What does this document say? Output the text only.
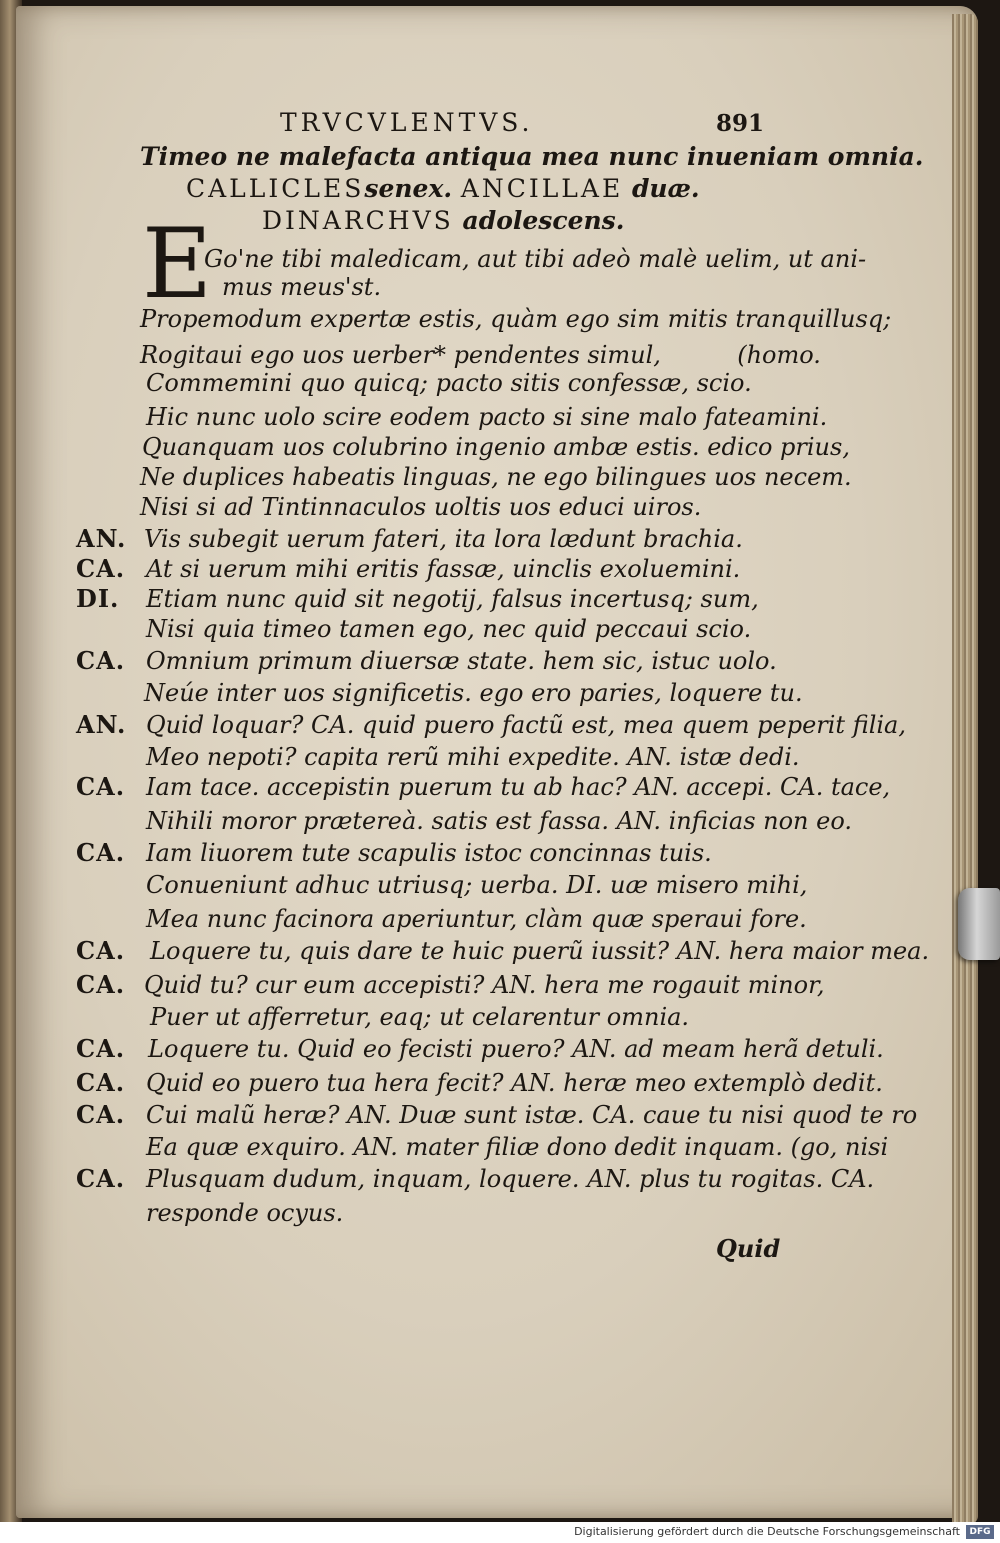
TRVCVLENTVS.	891
Timeo ne malefacta antiqua mea nunc inueniam omnia.
CALLICLESsenex. ANCILLAE duæ.
DINARCHVS adolescens.
E
Go'ne tibi maledicam, aut tibi adeò malè uelim, ut ani-
mus meus'st.
Propemodum expertæ estis, quàm ego sim mitis tranquillusq;
Rogitaui ego uos uerber* pendentes simul,          (homo.
Commemini quo quicq; pacto sitis confessæ, scio.
Hic nunc uolo scire eodem pacto si sine malo fateamini.
Quanquam uos colubrino ingenio ambæ estis. edico prius,
Ne duplices habeatis linguas, ne ego bilingues uos necem.
Nisi si ad Tintinnaculos uoltis uos educi uiros.
AN. Vis subegit uerum fateri, ita lora lædunt brachia.
CA. At si uerum mihi eritis fassæ, uinclis exoluemini.
DI. Etiam nunc quid sit negotij, falsus incertusq; sum,
Nisi quia timeo tamen ego, nec quid peccaui scio.
CA. Omnium primum diuersæ state. hem sic, istuc uolo.
Neúe inter uos significetis. ego ero paries, loquere tu.
AN. Quid loquar? CA. quid puero factũ est, mea quem peperit filia,
Meo nepoti? capita rerũ mihi expedite. AN. istæ dedi.
CA. Iam tace. accepistin puerum tu ab hac? AN. accepi. CA. tace,
Nihili moror prætereà. satis est fassa. AN. inficias non eo.
CA. Iam liuorem tute scapulis istoc concinnas tuis.
Conueniunt adhuc utriusq; uerba. DI. uæ misero mihi,
Mea nunc facinora aperiuntur, clàm quæ speraui fore.
CA. Loquere tu, quis dare te huic puerũ iussit? AN. hera maior mea.
CA. Quid tu? cur eum accepisti? AN. hera me rogauit minor,
Puer ut afferretur, eaq; ut celarentur omnia.
CA. Loquere tu. Quid eo fecisti puero? AN. ad meam herã detuli.
CA. Quid eo puero tua hera fecit? AN. heræ meo extemplò dedit.
CA. Cui malũ heræ? AN. Duæ sunt istæ. CA. caue tu nisi quod te ro
Ea quæ exquiro. AN. mater filiæ dono dedit inquam. (go, nisi
CA. Plusquam dudum, inquam, loquere. AN. plus tu rogitas. CA.
responde ocyus.
Quid
Digitalisierung gefördert durch die Deutsche Forschungsgemeinschaft	DFG
